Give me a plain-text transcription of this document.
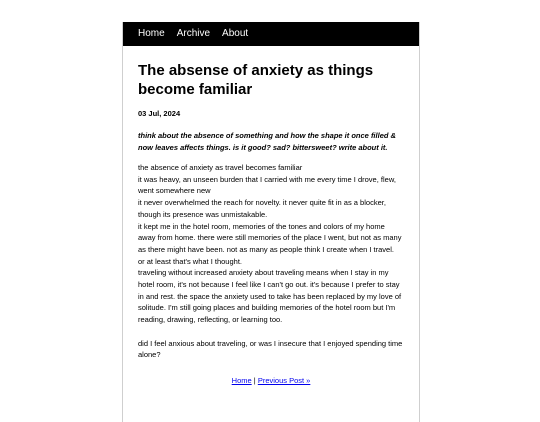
Home Archive About
The absense of anxiety as things become familiar
03 Jul, 2024
think about the absence of something and how the shape it once filled & now leaves affects things. is it good? sad? bittersweet? write about it.

the absence of anxiety as travel becomes familiar

it was heavy, an unseen burden that I carried with me every time I drove, flew, went somewhere new

it never overwhelmed the reach for novelty. it never quite fit in as a blocker, though its presence was unmistakable.

it kept me in the hotel room, memories of the tones and colors of my home away from home. there were still memories of the place I went, but not as many as there might have been. not as many as people think I create when I travel.

or at least that's what I thought.

traveling without increased anxiety about traveling means when I stay in my hotel room, it's not because I feel like I can't go out. it's because I prefer to stay in and rest. the space the anxiety used to take has been replaced by my love of solitude. I'm still going places and building memories of the hotel room but I'm reading, drawing, reflecting, or learning too.

did I feel anxious about traveling, or was I insecure that I enjoyed spending time alone?

Home | Previous Post »
